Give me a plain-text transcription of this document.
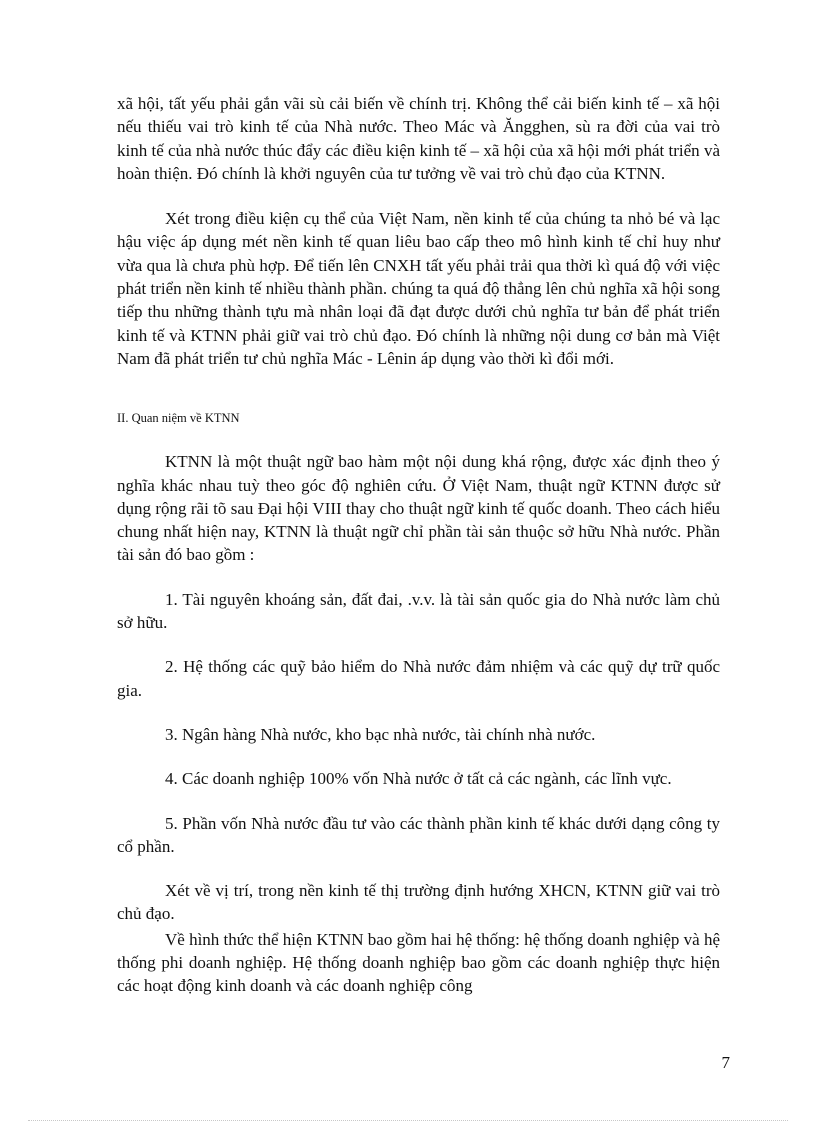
xã hội, tất yếu phải gắn vãi sù cải biến về chính trị. Không thể cải biến kinh tế – xã hội nếu thiếu vai trò kinh tế của Nhà nước. Theo Mác và Ăngghen, sù ra đời của vai trò kinh tế của nhà nước thúc đẩy các điều kiện kinh tế – xã hội của xã hội mới phát triển và hoàn thiện. Đó chính là khởi nguyên của tư tưởng về vai trò chủ đạo của KTNN.

Xét trong điều kiện cụ thể của Việt Nam, nền kinh tế của chúng ta nhỏ bé và lạc hậu việc áp dụng mét nền kinh tế quan liêu bao cấp theo mô hình kinh tế chỉ huy như vừa qua là chưa phù hợp. Để tiến lên CNXH tất yếu phải trải qua thời kì quá độ với việc phát triển nền kinh tế nhiều thành phần. chúng ta quá độ thẳng lên chủ nghĩa xã hội song tiếp thu những thành tựu mà nhân loại đã đạt được dưới chủ nghĩa tư bản để phát triển kinh tế và KTNN phải giữ vai trò chủ đạo. Đó chính là những nội dung cơ bản mà Việt Nam đã phát triển tư chủ nghĩa Mác - Lênin áp dụng vào thời kì đổi mới.

II. Quan niệm về KTNN

KTNN là một thuật ngữ bao hàm một nội dung khá rộng, được xác định theo ý nghĩa khác nhau tuỳ theo góc độ nghiên cứu. Ở Việt Nam, thuật ngữ KTNN được sử dụng rộng rãi tõ sau Đại hội VIII thay cho thuật ngữ kinh tế quốc doanh. Theo cách hiểu chung nhất hiện nay, KTNN là thuật ngữ chỉ phần tài sản thuộc sở hữu Nhà nước. Phần tài sản đó bao gồm :

1. Tài nguyên khoáng sản, đất đai, .v.v. là tài sản quốc gia do Nhà nước làm chủ sở hữu.

2. Hệ thống các quỹ bảo hiểm do Nhà nước đảm nhiệm và các quỹ dự trữ quốc gia.

3. Ngân hàng Nhà nước, kho bạc nhà nước, tài chính nhà nước.

4. Các doanh nghiệp 100% vốn Nhà nước ở tất cả các ngành, các lĩnh vực.

5. Phần vốn Nhà nước đầu tư vào các thành phần kinh tế khác dưới dạng công ty cổ phần.

Xét về vị trí, trong nền kinh tế thị trường định hướng XHCN, KTNN giữ vai trò chủ đạo.

Về hình thức thể hiện KTNN bao gồm hai hệ thống: hệ thống doanh nghiệp và hệ thống phi doanh nghiệp. Hệ thống doanh nghiệp bao gồm các doanh nghiệp thực hiện các hoạt động kinh doanh và các doanh nghiệp công

7
